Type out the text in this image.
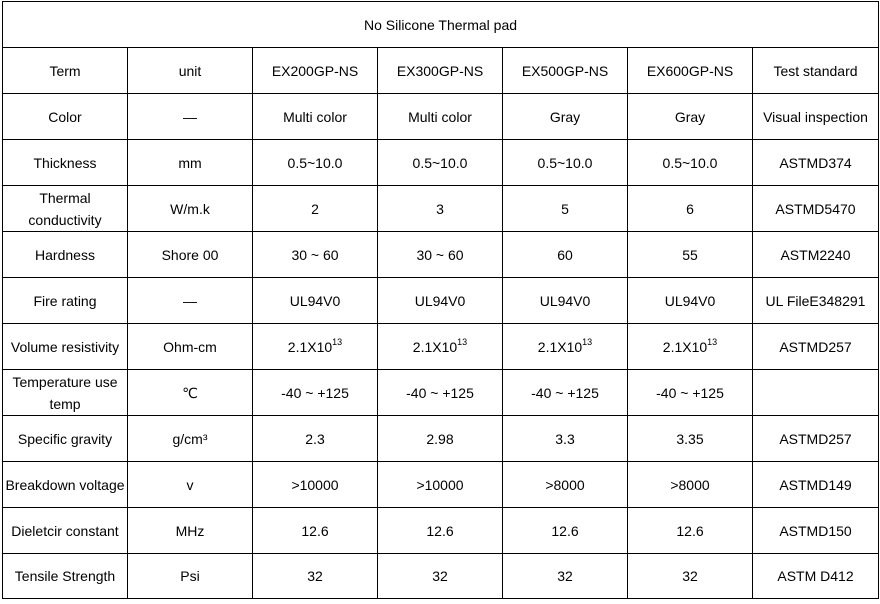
No Silicone Thermal pad						
Term	unit	EX200GP-NS	EX300GP-NS	EX500GP-NS	EX600GP-NS	Test standard
Color	—	Multi color	Multi color	Gray	Gray	Visual inspection
Thickness	mm	0.5~10.0	0.5~10.0	0.5~10.0	0.5~10.0	ASTMD374
Thermal conductivity	W/m.k	2	3	5	6	ASTMD5470
Hardness	Shore 00	30 ~ 60	30 ~ 60	60	55	ASTM2240
Fire rating	—	UL94V0	UL94V0	UL94V0	UL94V0	UL FileE348291
Volume resistivity	Ohm-cm	$2.1X10^{13}$	$2.1X10^{13}$	$2.1X10^{13}$	$2.1X10^{13}$	ASTMD257
Temperature use temp	℃	-40 ~ +125	-40 ~ +125	-40 ~ +125	-40 ~ +125	
Specific gravity	g/cm³	2.3	2.98	3.3	3.35	ASTMD257
Breakdown voltage	v	>10000	>10000	>8000	>8000	ASTMD149
Dieletcir constant	MHz	12.6	12.6	12.6	12.6	ASTMD150
Tensile Strength	Psi	32	32	32	32	ASTM D412
